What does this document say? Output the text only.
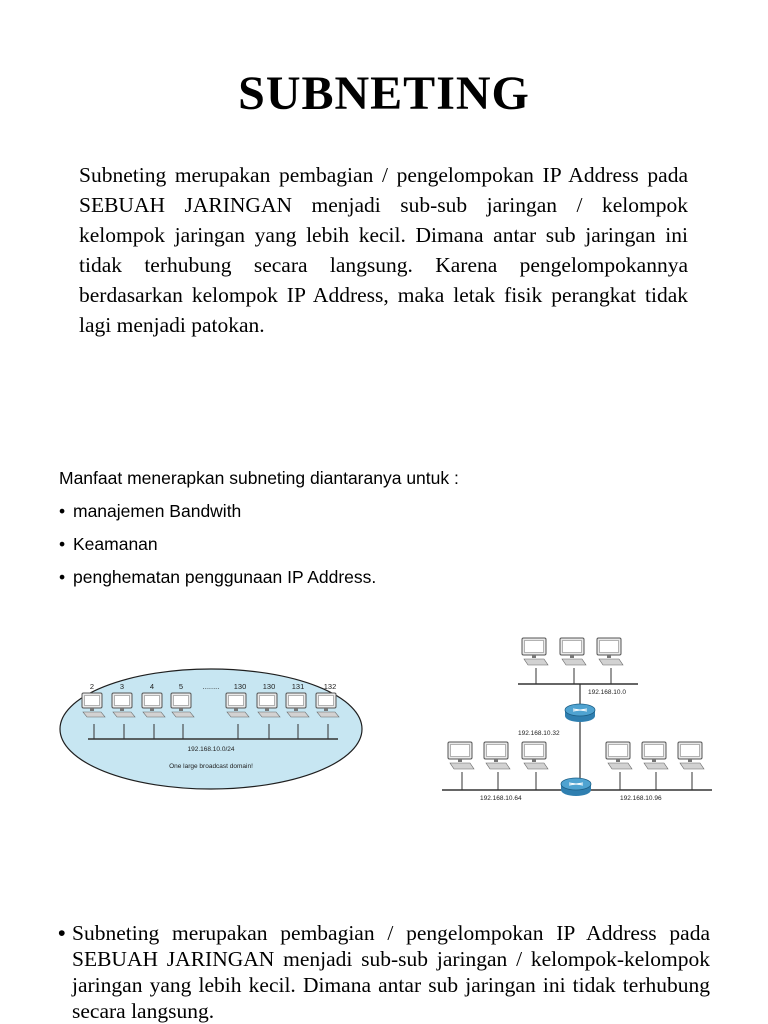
SUBNETING

Subneting merupakan pembagian / pengelompokan IP Address pada SEBUAH JARINGAN menjadi sub-sub jaringan / kelompok kelompok jaringan yang lebih kecil. Dimana antar sub jaringan ini tidak terhubung secara langsung. Karena pengelompokannya berdasarkan kelompok IP Address, maka letak fisik perangkat tidak lagi menjadi patokan.

Manfaat menerapkan subneting diantaranya untuk :

• manajemen Bandwith
• Keamanan
• penghematan penggunaan IP Address.
2	3	4	5	........ 130 130 131	132
192.168.10.0/24
One large broadcast domain!
192.168.10.0
192.168.10.32
192.168.10.64	192.168.10.96
• Subneting merupakan pembagian / pengelompokan IP Address pada SEBUAH JARINGAN menjadi sub-sub jaringan / kelompok-kelompok jaringan yang lebih kecil. Dimana antar sub jaringan ini tidak terhubung secara langsung.
